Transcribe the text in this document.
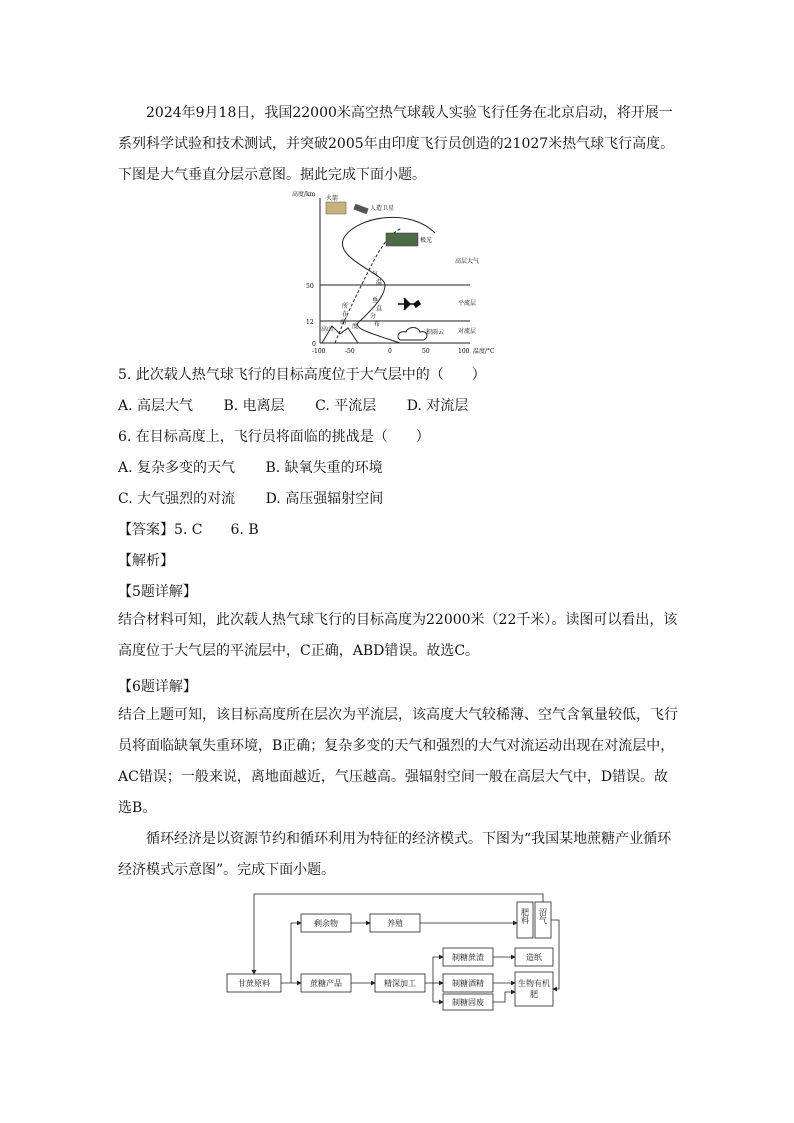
2024年9月18日，我国22000米高空热气球载人实验飞行任务在北京启动，将开展一系列科学试验和技术测试，并突破2005年由印度飞行员创造的21027米热气球飞行高度。下图是大气垂直分层示意图。据此完成下面小题。

高度/km
50
12
0
-100	-50	0	50	100 温度/°C
火箭
人造卫星
极光
高层大气
平流层
对流层
高山	积雨云
气
温
垂
直
分
布
所
在
高
度
5. 此次载人热气球飞行的目标高度位于大气层中的（　　）
A. 高层大气 B. 电离层 C. 平流层 D. 对流层
6. 在目标高度上，飞行员将面临的挑战是（　　）
A. 复杂多变的天气 B. 缺氧失重的环境
C. 大气强烈的对流 D. 高压强辐射空间
【答案】5. C　　6. B
【解析】
【5题详解】

结合材料可知，此次载人热气球飞行的目标高度为22000米（22千米）。读图可以看出，该高度位于大气层的平流层中，C正确，ABD错误。故选C。

【6题详解】

结合上题可知，该目标高度所在层次为平流层，该高度大气较稀薄、空气含氧量较低，飞行员将面临缺氧失重环境，B正确；复杂多变的天气和强烈的大气对流运动出现在对流层中，AC错误；一般来说，离地面越近，气压越高。强辐射空间一般在高层大气中，D错误。故选B。

循环经济是以资源节约和循环利用为特征的经济模式。下图为“我国某地蔗糖产业循环经济模式示意图”。完成下面小题。

甘蔗原料
剩余物	养殖	肥料 沼气
蔗糖产品	精深加工
制糖蔗渣
制糖酒精
制糖固废
造纸
生物有机肥
